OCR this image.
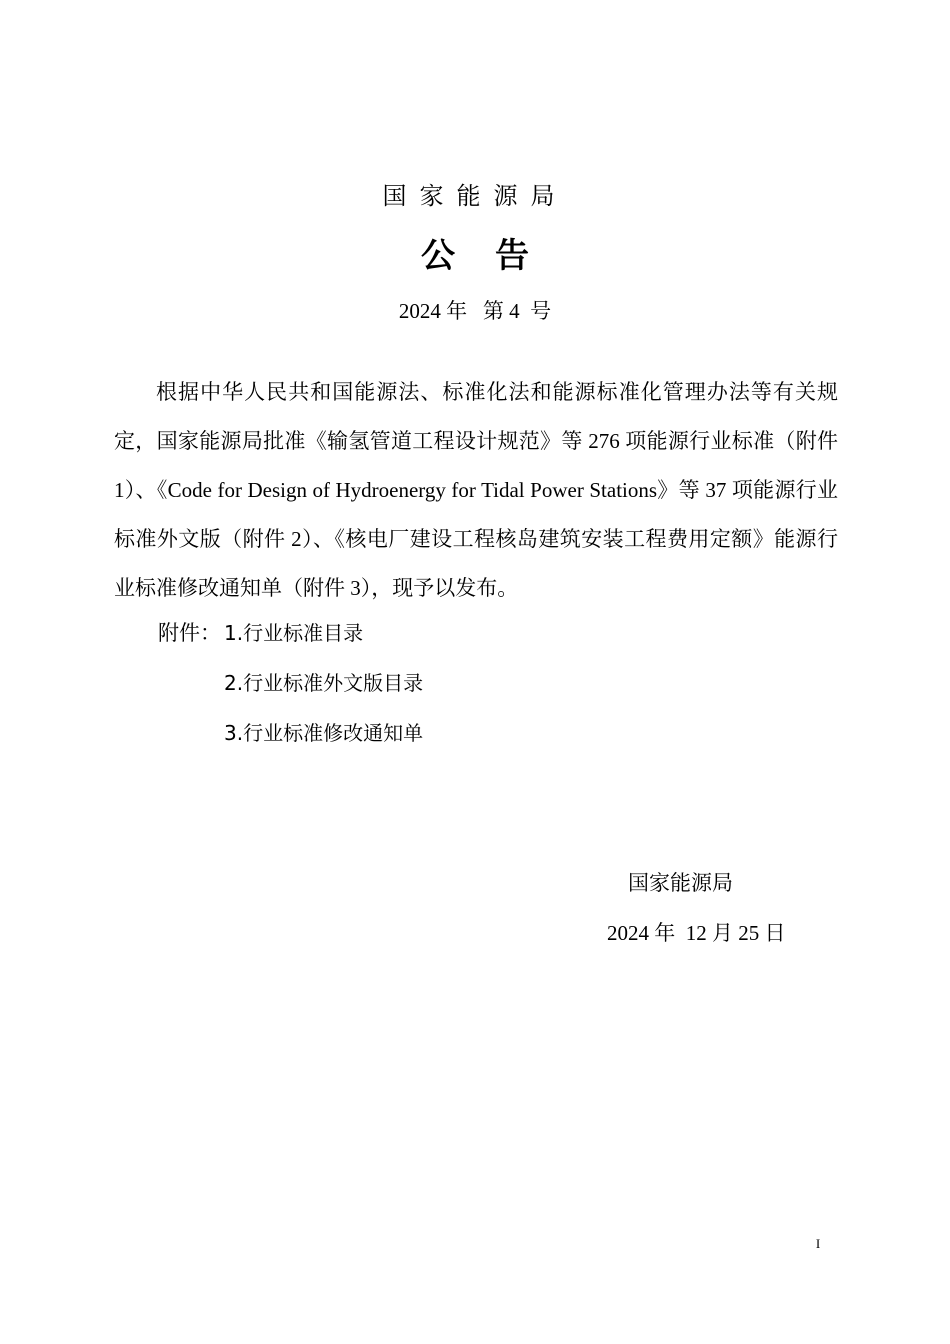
国家能源局
公告
2024 年   第 4  号

根据中华人民共和国能源法、标准化法和能源标准化管理办法等有关规定，国家能源局批准《输氢管道工程设计规范》等 276 项能源行业标准（附件 1）、《Code for Design of Hydroenergy for Tidal Power Stations》等 37 项能源行业标准外文版（附件 2）、《核电厂建设工程核岛建筑安装工程费用定额》能源行业标准修改通知单（附件 3），现予以发布。

附件： 1.行业标准目录
2.行业标准外文版目录
3.行业标准修改通知单
国家能源局
2024 年  12 月 25 日
I
